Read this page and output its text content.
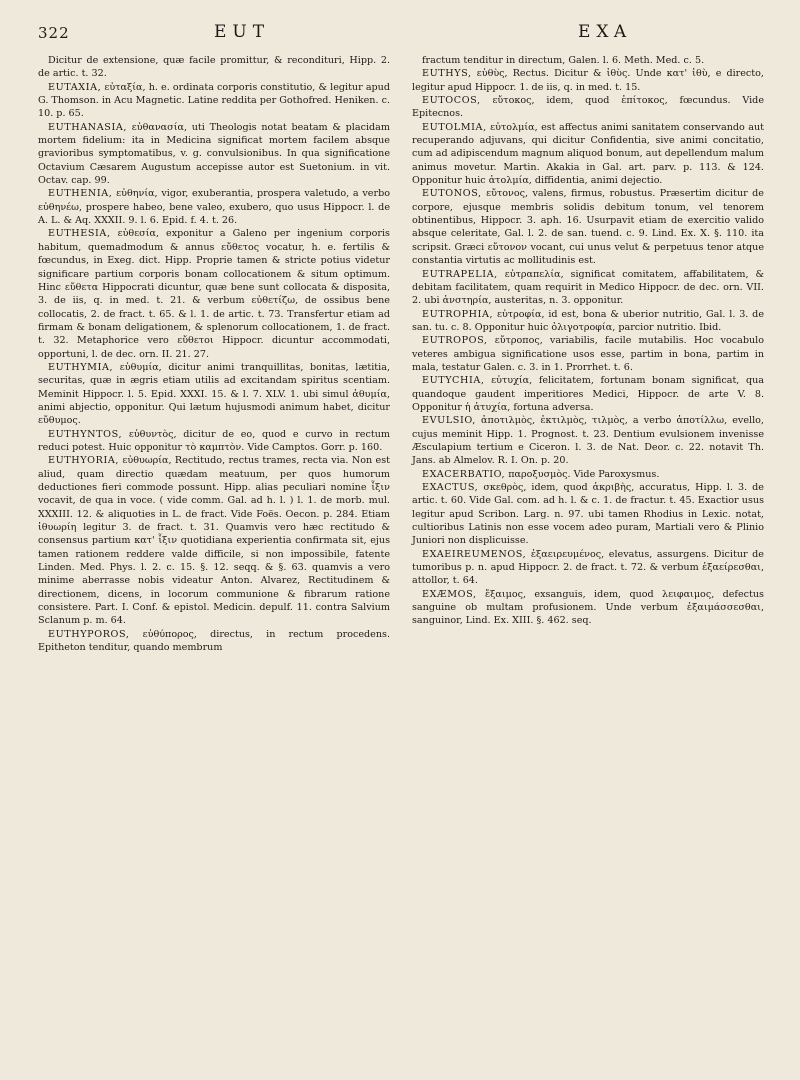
322	EUT	EXA

Dicitur de extensione, quæ facile promittur, & recondituri, Hipp. 2. de artic. t. 32.

EUTAXIA, εὐταξία, h. e. ordinata corporis constitutio, & legitur apud G. Thomson. in Acu Magnetic. Latine reddita per Gothofred. Heniken. c. 10. p. 65.

EUTHANASIA, εὐθανασία, uti Theologis notat beatam & placidam mortem fidelium: ita in Medicina significat mortem facilem absque gravioribus symptomatibus, v. g. convulsionibus. In qua significatione Octavium Cæsarem Augustum accepisse autor est Suetonium. in vit. Octav. cap. 99.

EUTHENIA, εὐθηνία, vigor, exuberantia, prospera valetudo, a verbo εὐθηνέω, prospere habeo, bene valeo, exubero, quo usus Hippocr. l. de A. L. & Aq. XXXII. 9. l. 6. Epid. f. 4. t. 26.

EUTHESIA, εὐθεσία, exponitur a Galeno per ingenium corporis habitum, quemadmodum & annus εὔθετος vocatur, h. e. fertilis & fœcundus, in Exeg. dict. Hipp. Proprie tamen & stricte potius videtur significare partium corporis bonam collocationem & situm optimum. Hinc εὔθετα Hippocrati dicuntur, quæ bene sunt collocata & disposita, 3. de iis, q. in med. t. 21. & verbum εὐθετίζω, de ossibus bene collocatis, 2. de fract. t. 65. & l. 1. de artic. t. 73. Transfertur etiam ad firmam & bonam deligationem, & splenorum collocationem, 1. de fract. t. 32. Metaphorice vero εὔθετοι Hippocr. dicuntur accommodati, opportuni, l. de dec. orn. II. 21. 27.

EUTHYMIA, εὐθυμία, dicitur animi tranquillitas, bonitas, lætitia, securitas, quæ in ægris etiam utilis ad excitandam spiritus scentiam. Meminit Hippocr. l. 5. Epid. XXXI. 15. & l. 7. XLV. 1. ubi simul ἀθυμία, animi abjectio, opponitur. Qui lætum hujusmodi animum habet, dicitur εὔθυμος.

EUTHYNTOS, εὐθυντὸς, dicitur de eo, quod e curvo in rectum reduci potest. Huic opponitur τὸ καμπτὸν. Vide Camptos. Gorr. p. 160.

EUTHYORIA, εὐθυωρία, Rectitudo, rectus trames, recta via. Non est aliud, quam directio quædam meatuum, per quos humorum deductiones fieri commode possunt. Hipp. alias peculiari nomine ἶξιν vocavit, de qua in voce. ( vide comm. Gal. ad h. l. ) l. 1. de morb. mul. XXXIII. 12. & aliquoties in L. de fract. Vide Foës. Oecon. p. 284. Etiam ἰθυωρίη legitur 3. de fract. t. 31. Quamvis vero hæc rectitudo & consensus partium κατ' ἶξιν quotidiana experientia confirmata sit, ejus tamen rationem reddere valde difficile, si non impossibile, fatente Linden. Med. Phys. l. 2. c. 15. §. 12. seqq. & §. 63. quamvis a vero minime aberrasse nobis videatur Anton. Alvarez, Rectitudinem & directionem, dicens, in locorum communione & fibrarum ratione consistere. Part. I. Conf. & epistol. Medicin. depulf. 11. contra Salvium Sclanum p. m. 64.

EUTHYPOROS, εὐθύπορος, directus, in rectum procedens. Epitheton tenditur, quando membrum

fractum tenditur in directum, Galen. l. 6. Meth. Med. c. 5.

EUTHYS, εὐθὺς, Rectus. Dicitur & ἰθὺς. Unde κατ' ἰθὺ, e directo, legitur apud Hippocr. 1. de iis, q. in med. t. 15.

EUTOCOS, εὔτοκος, idem, quod ἐπίτοκος, fœcundus. Vide Epitecnos.

EUTOLMIA, εὐτολμία, est affectus animi sanitatem conservando aut recuperando adjuvans, qui dicitur Confidentia, sive animi concitatio, cum ad adipiscendum magnum aliquod bonum, aut depellendum malum animus movetur. Martin. Akakia in Gal. art. parv. p. 113. & 124. Opponitur huic ἀτολμία, diffidentia, animi dejectio.

EUTONOS, εὔτονος, valens, firmus, robustus. Præsertim dicitur de corpore, ejusque membris solidis debitum tonum, vel tenorem obtinentibus, Hippocr. 3. aph. 16. Usurpavit etiam de exercitio valido absque celeritate, Gal. l. 2. de san. tuend. c. 9. Lind. Ex. X. §. 110. ita scripsit. Græci εὔτονον vocant, cui unus velut & perpetuus tenor atque constantia virtutis ac mollitudinis est.

EUTRAPELIA, εὐτραπελία, significat comitatem, affabilitatem, & debitam facilitatem, quam requirit in Medico Hippocr. de dec. orn. VII. 2. ubi ἀνστηρία, austeritas, n. 3. opponitur.

EUTROPHIA, εὐτροφία, id est, bona & uberior nutritio, Gal. l. 3. de san. tu. c. 8. Opponitur huic ὀλιγοτροφία, parcior nutritio. Ibid.

EUTROPOS, εὔτροπος, variabilis, facile mutabilis. Hoc vocabulo veteres ambigua significatione usos esse, partim in bona, partim in mala, testatur Galen. c. 3. in 1. Prorrhet. t. 6.

EUTYCHIA, εὐτυχία, felicitatem, fortunam bonam significat, qua quandoque gaudent imperitiores Medici, Hippocr. de arte V. 8. Opponitur ἡ ἀτυχία, fortuna adversa.

EVULSIO, ἀποτιλμὸς, ἐκτιλμὸς, τιλμὸς, a verbo ἀποτίλλω, evello, cujus meminit Hipp. 1. Prognost. t. 23. Dentium evulsionem invenisse Æsculapium tertium e Ciceron. l. 3. de Nat. Deor. c. 22. notavit Th. Jans. ab Almelov. R. I. On. p. 20.

EXACERBATIO, παροξυσμὸς. Vide Paroxysmus.

EXACTUS, σκεθρὸς, idem, quod ἀκριβὴς, accuratus, Hipp. l. 3. de artic. t. 60. Vide Gal. com. ad h. l. & c. 1. de fractur. t. 45. Exactior usus legitur apud Scribon. Larg. n. 97. ubi tamen Rhodius in Lexic. notat, cultioribus Latinis non esse vocem adeo puram, Martiali vero & Plinio Juniori non displicuisse.

EXAEIREUMENOS, ἐξαειρευμένος, elevatus, assurgens. Dicitur de tumoribus p. n. apud Hippocr. 2. de fract. t. 72. & verbum ἐξαείρεσθαι, attollor, t. 64.

EXÆMOS, ἔξαιμος, exsanguis, idem, quod λειφαιμος, defectus sanguine ob multam profusionem. Unde verbum ἐξαιμάσσεσθαι, sanguinor, Lind. Ex. XIII. §. 462. seq.
